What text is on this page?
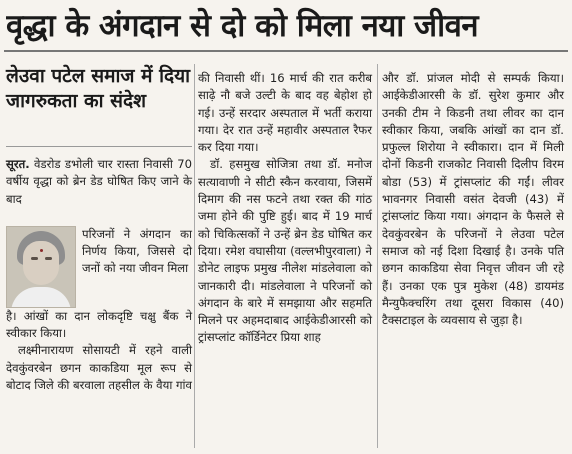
वृद्धा के अंगदान से दो को मिला नया जीवन
लेउवा पटेल समाज में दिया जागरुकता का संदेश

सूरत. वेडरोड डभोली चार रास्ता निवासी 70 वर्षीय वृद्धा को ब्रेन डेड घोषित किए जाने के बाद

परिजनों ने अंगदान का निर्णय किया, जिससे दो जनों को नया जीवन मिला

है। आंखों का दान लोकदृष्टि चक्षु बैंक ने स्वीकार किया।

लक्ष्मीनारायण सोसायटी में रहने वाली देवकुंवरबेन छगन काकडिया मूल रूप से बोटाद जिले की बरवाला तहसील के वैया गांव

की निवासी थीं। 16 मार्च की रात करीब साढ़े नौ बजे उल्टी के बाद वह बेहोश हो गई। उन्हें सरदार अस्पताल में भर्ती कराया गया। देर रात उन्हें महावीर अस्पताल रैफर कर दिया गया।

डॉ. हसमुख सोजित्रा तथा डॉ. मनोज सत्यावाणी ने सीटी स्कैन करवाया, जिसमें दिमाग की नस फटने तथा रक्त की गांठ जमा होने की पुष्टि हुई। बाद में 19 मार्च को चिकित्सकों ने उन्हें ब्रेन डेड घोषित कर दिया। रमेश वघासीया (वल्लभीपुरवाला) ने डोनेट लाइफ प्रमुख नीलेश मांडलेवाला को जानकारी दी। मांडलेवाला ने परिजनों को अंगदान के बारे में समझाया और सहमति मिलने पर अहमदाबाद आईकेडीआरसी को ट्रांसप्लांट कॉर्डिनेटर प्रिया शाह

और डॉ. प्रांजल मोदी से सम्पर्क किया। आईकेडीआरसी के डॉ. सुरेश कुमार और उनकी टीम ने किडनी तथा लीवर का दान स्वीकार किया, जबकि आंखों का दान डॉ. प्रफुल्ल शिरोया ने स्वीकारा। दान में मिली दोनों किडनी राजकोट निवासी दिलीप विरम बोडा (53) में ट्रांसप्लांट की गईं। लीवर भावनगर निवासी वसंत देवजी (43) में ट्रांसप्लांट किया गया। अंगदान के फैसले से देवकुंवरबेन के परिजनों ने लेउवा पटेल समाज को नई दिशा दिखाई है। उनके पति छगन काकडिया सेवा निवृत्त जीवन जी रहे हैं। उनका एक पुत्र मुकेश (48) डायमंड मैन्युफैक्चरिंग तथा दूसरा विकास (40) टैक्सटाइल के व्यवसाय से जुड़ा है।
